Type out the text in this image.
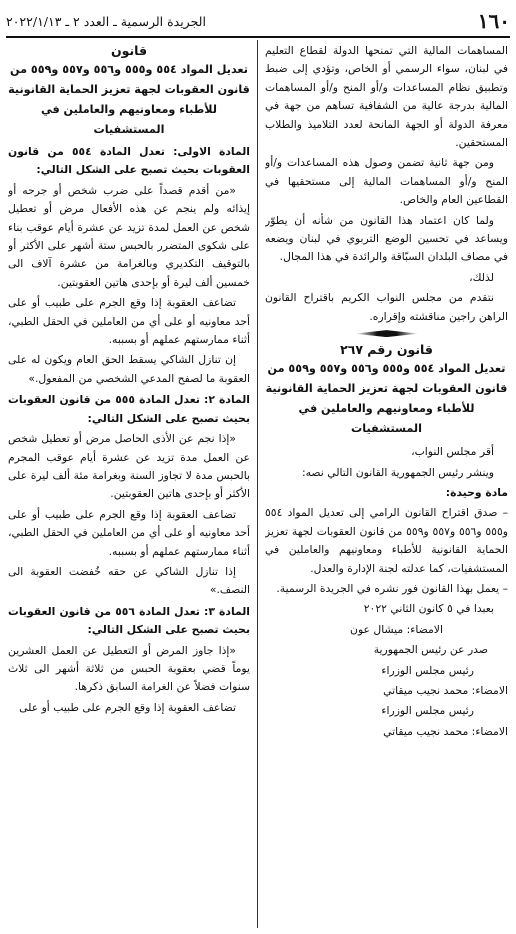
١٦٠
الجريدة الرسمية ـ العدد ٢ ـ ٢٠٢٢/١/١٣

المساهمات المالية التي تمنحها الدولة لقطاع التعليم في لبنان، سواء الرسمي أو الخاص، وتؤدي إلى ضبط وتطبيق نظام المساعدات و/أو المنح و/أو المساهمات المالية بدرجة عالية من الشفافية تساهم من جهة في معرفة الدولة أو الجهة المانحة لعدد التلاميذ والطلاب المستحقين.

ومن جهة ثانية تضمن وصول هذه المساعدات و/أو المنح و/أو المساهمات المالية إلى مستحقيها في القطاعين العام والخاص.

ولما كان اعتماد هذا القانون من شأنه أن يطوّر ويساعد في تحسين الوضع التربوي في لبنان ويضعه في مصاف البلدان السبّاقة والرائدة في هذا المجال.

لذلك،

نتقدم من مجلس النواب الكريم باقتراح القانون الراهن راجين مناقشته وإقراره.

قانون رقم ٢٦٧

تعديل المواد ٥٥٤ و٥٥٥ و٥٥٦ و٥٥٧ و٥٥٩ من قانون العقوبات لجهة تعزيز الحماية القانونية للأطباء ومعاونيهم والعاملين في المستشفيات

أقر مجلس النواب،

وينشر رئيس الجمهورية القانون التالي نصه:

مادة وحيدة:

– صدق اقتراح القانون الرامي إلى تعديل المواد ٥٥٤ و٥٥٥ و٥٥٦ و٥٥٧ و٥٥٩ من قانون العقوبات لجهة تعزيز الحماية القانونية للأطباء ومعاونيهم والعاملين في المستشفيات، كما عدلته لجنة الإدارة والعدل.

– يعمل بهذا القانون فور نشره في الجريدة الرسمية.

بعبدا في ٥ كانون الثاني ٢٠٢٢

الامضاء: ميشال عون

صدر عن رئيس الجمهورية

رئيس مجلس الوزراء

الامضاء: محمد نجيب ميقاتي

رئيس مجلس الوزراء

الامضاء: محمد نجيب ميقاتي

قانون

تعديل المواد ٥٥٤ و٥٥٥ و٥٥٦ و٥٥٧ و٥٥٩ من قانون العقوبات لجهة تعزيز الحماية القانونية للأطباء ومعاونيهم والعاملين في المستشفيات

المادة الاولى: تعدل المادة ٥٥٤ من قانون العقوبات بحيث تصبح على الشكل التالي:

«من أقدم قصداً على ضرب شخص أو جرحه أو إيذائه ولم ينجم عن هذه الأفعال مرض أو تعطيل شخص عن العمل لمدة تزيد عن عشرة أيام عوقب بناء على شكوى المتضرر بالحبس ستة أشهر على الأكثر أو بالتوقيف التكديري وبالغرامة من عشرة آلاف الى خمسين ألف ليرة أو بإحدى هاتين العقوبتين.

تضاعف العقوبة إذا وقع الجرم على طبيب أو على أحد معاونيه أو على أي من العاملين في الحقل الطبي، أثناء ممارستهم عملهم أو بسببه.

إن تنازل الشاكي يسقط الحق العام ويكون له على العقوبة ما لصفح المدعي الشخصي من المفعول.»

المادة ٢: تعدل المادة ٥٥٥ من قانون العقوبات بحيث تصبح على الشكل التالي:

«إذا نجم عن الأذى الحاصل مرض أو تعطيل شخص عن العمل مدة تزيد عن عشرة أيام عوقب المجرم بالحبس مدة لا تجاوز السنة وبغرامة مئة ألف ليرة على الأكثر أو بإحدى هاتين العقوبتين.

تضاعف العقوبة إذا وقع الجرم على طبيب أو على أحد معاونيه أو على أي من العاملين في الحقل الطبي، أثناء ممارستهم عملهم أو بسببه.

إذا تنازل الشاكي عن حقه خُفضت العقوبة الى النصف.»

المادة ٣: تعدل المادة ٥٥٦ من قانون العقوبات بحيث تصبح على الشكل التالي:

«إذا جاوز المرض أو التعطيل عن العمل العشرين يوماً قضي بعقوبة الحبس من ثلاثة أشهر الى ثلاث سنوات فضلاً عن الغرامة السابق ذكرها.

تضاعف العقوبة إذا وقع الجرم على طبيب أو على
